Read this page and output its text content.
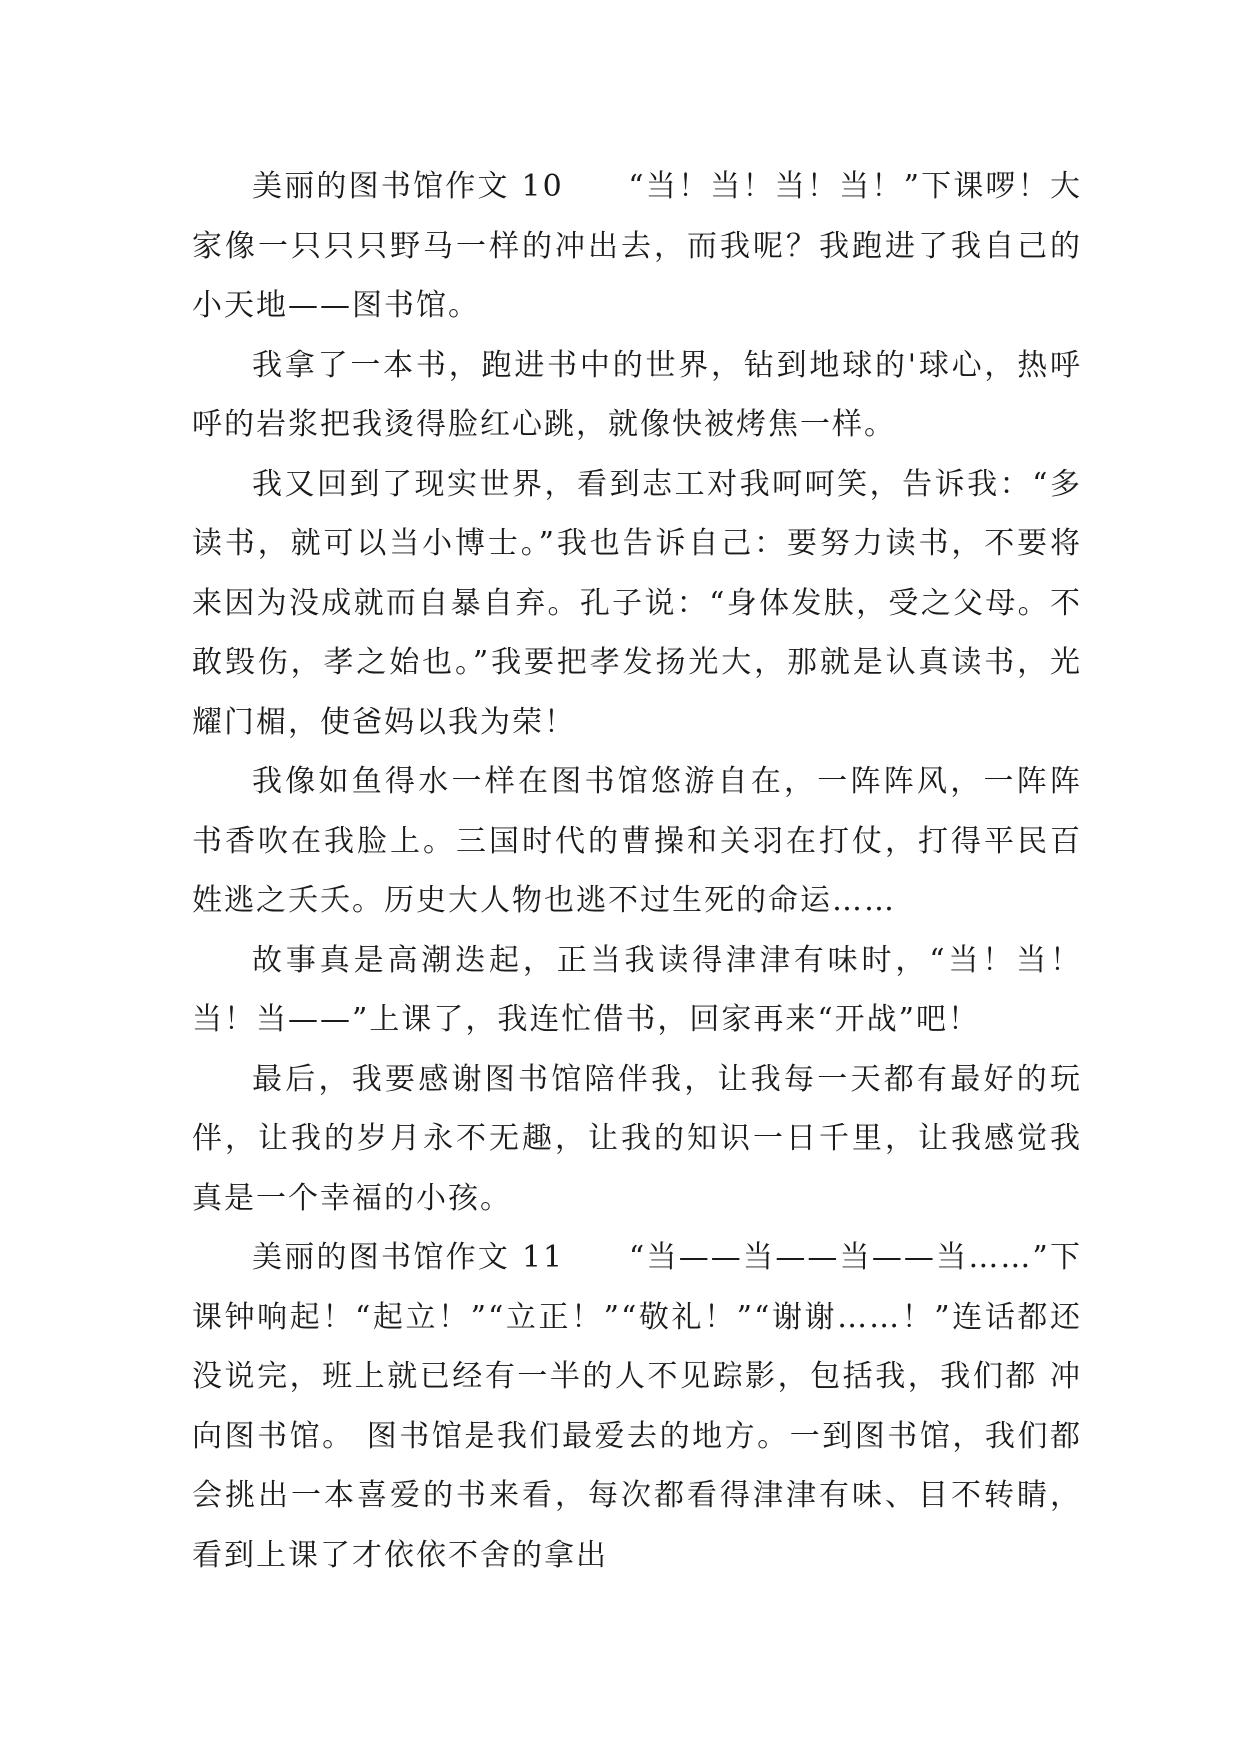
美丽的图书馆作文 10　　“当！当！当！当！”下课啰！大家像一只只只野马一样的冲出去，而我呢？我跑进了我自己的小天地——图书馆。

我拿了一本书，跑进书中的世界，钻到地球的'球心，热呼呼的岩浆把我烫得脸红心跳，就像快被烤焦一样。

我又回到了现实世界，看到志工对我呵呵笑，告诉我：“多读书，就可以当小博士。”我也告诉自己：要努力读书，不要将来因为没成就而自暴自弃。孔子说：“身体发肤，受之父母。不敢毁伤，孝之始也。”我要把孝发扬光大，那就是认真读书，光耀门楣，使爸妈以我为荣！

我像如鱼得水一样在图书馆悠游自在，一阵阵风，一阵阵书香吹在我脸上。三国时代的曹操和关羽在打仗，打得平民百姓逃之夭夭。历史大人物也逃不过生死的命运……

故事真是高潮迭起，正当我读得津津有味时，“当！当！当！当——”上课了，我连忙借书，回家再来“开战”吧！

最后，我要感谢图书馆陪伴我，让我每一天都有最好的玩伴，让我的岁月永不无趣，让我的知识一日千里，让我感觉我真是一个幸福的小孩。

美丽的图书馆作文 11　　“当——当——当——当……”下课钟响起！“起立！”“立正！”“敬礼！”“谢谢……！”连话都还没说完，班上就已经有一半的人不见踪影，包括我，我们都 冲向图书馆。 图书馆是我们最爱去的地方。一到图书馆，我们都会挑出一本喜爱的书来看，每次都看得津津有味、目不转睛，看到上课了才依依不舍的拿出
